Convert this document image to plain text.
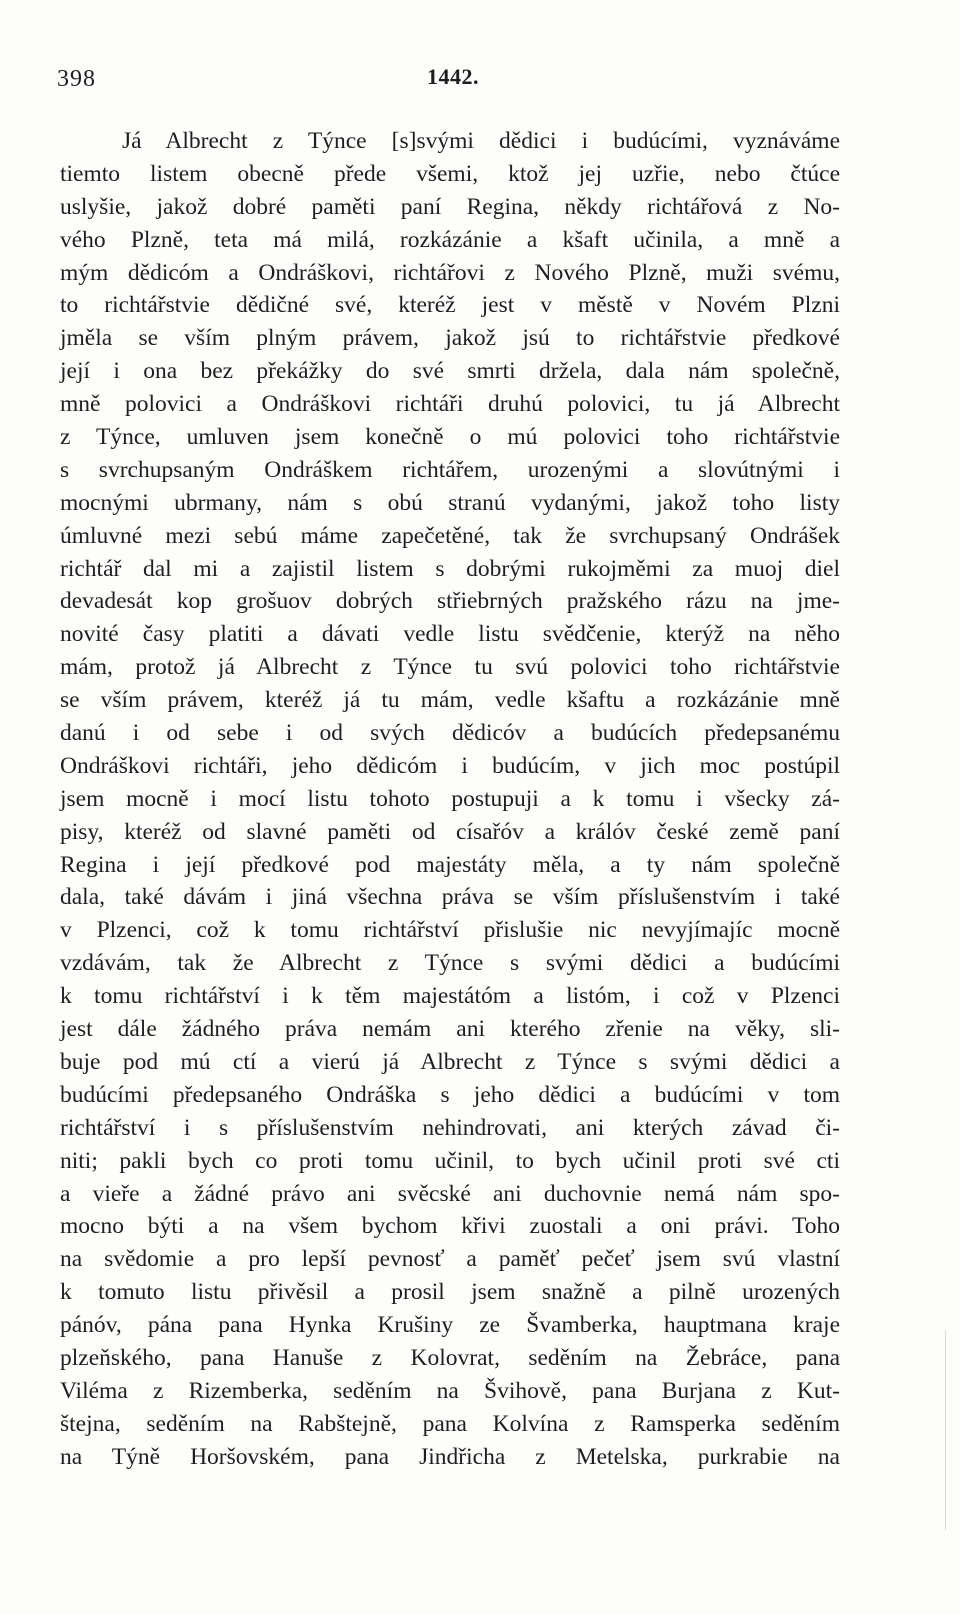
398	1442.
Já Albrecht z Týnce [s]svými dědici i budúcími, vyznáváme
tiemto listem obecně přede všemi, ktož jej uzřie, nebo čtúce
uslyšie, jakož dobré paměti paní Regina, někdy richtářová z No-
vého Plzně, teta má milá, rozkázánie a kšaft učinila, a mně a
mým dědicóm a Ondráškovi, richtářovi z Nového Plzně, muži svému,
to richtářstvie dědičné své, kteréž jest v městě v Novém Plzni
jměla se vším plným právem, jakož jsú to richtářstvie předkové
její i ona bez překážky do své smrti držela, dala nám společně,
mně polovici a Ondráškovi richtáři druhú polovici, tu já Albrecht
z Týnce, umluven jsem konečně o mú polovici toho richtářstvie
s svrchupsaným Ondráškem richtářem, urozenými a slovútnými i
mocnými ubrmany, nám s obú stranú vydanými, jakož toho listy
úmluvné mezi sebú máme zapečetěné, tak že svrchupsaný Ondrášek
richtář dal mi a zajistil listem s dobrými rukojměmi za muoj diel
devadesát kop grošuov dobrých střiebrných pražského rázu na jme-
novité časy platiti a dávati vedle listu svědčenie, kterýž na něho
mám, protož já Albrecht z Týnce tu svú polovici toho richtářstvie
se vším právem, kteréž já tu mám, vedle kšaftu a rozkázánie mně
danú i od sebe i od svých dědicóv a budúcích předepsanému
Ondráškovi richtáři, jeho dědicóm i budúcím, v jich moc postúpil
jsem mocně i mocí listu tohoto postupuji a k tomu i všecky zá-
pisy, kteréž od slavné paměti od císařóv a králóv české země paní
Regina i její předkové pod majestáty měla, a ty nám společně
dala, také dávám i jiná všechna práva se vším příslušenstvím i také
v Plzenci, což k tomu richtářství přislušie nic nevyjímajíc mocně
vzdávám, tak že Albrecht z Týnce s svými dědici a budúcími
k tomu richtářství i k těm majestátóm a listóm, i což v Plzenci
jest dále žádného práva nemám ani kterého zřenie na věky, sli-
buje pod mú ctí a vierú já Albrecht z Týnce s svými dědici a
budúcími předepsaného Ondráška s jeho dědici a budúcími v tom
richtářství i s příslušenstvím nehindrovati, ani kterých závad či-
niti; pakli bych co proti tomu učinil, to bych učinil proti své cti
a vieře a žádné právo ani svěcské ani duchovnie nemá nám spo-
mocno býti a na všem bychom křivi zuostali a oni právi. Toho
na svědomie a pro lepší pevnosť a paměť pečeť jsem svú vlastní
k tomuto listu přivěsil a prosil jsem snažně a pilně urozených
pánóv, pána pana Hynka Krušiny ze Švamberka, hauptmana kraje
plzeňského, pana Hanuše z Kolovrat, seděním na Žebráce, pana
Viléma z Rizemberka, seděním na Švihově, pana Burjana z Kut-
štejna, seděním na Rabštejně, pana Kolvína z Ramsperka seděním
na Týně Horšovském, pana Jindřicha z Metelska, purkrabie na
